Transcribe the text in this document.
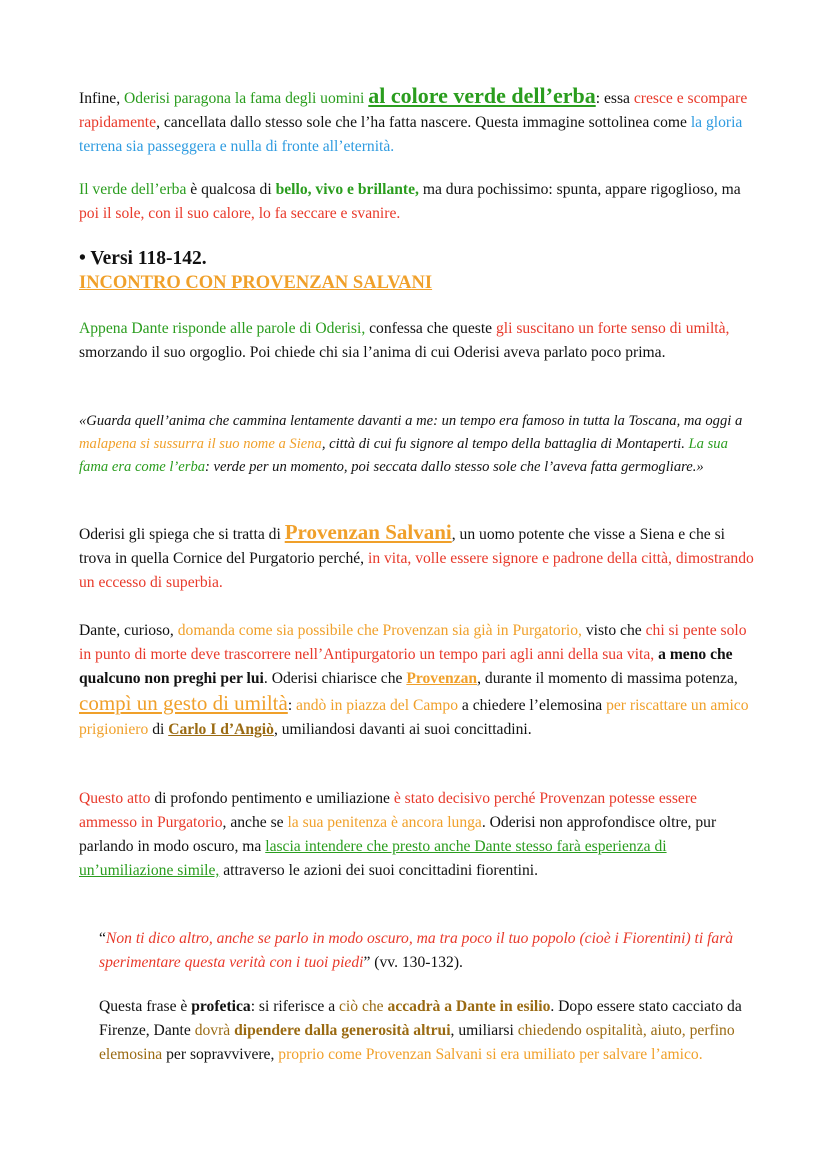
Infine, Oderisi paragona la fama degli uomini al colore verde dell’erba: essa cresce e scompare rapidamente, cancellata dallo stesso sole che l’ha fatta nascere. Questa immagine sottolinea come la gloria terrena sia passeggera e nulla di fronte all’eternità.

Il verde dell’erba è qualcosa di bello, vivo e brillante, ma dura pochissimo: spunta, appare rigoglioso, ma poi il sole, con il suo calore, lo fa seccare e svanire.

• Versi 118-142.

INCONTRO CON PROVENZAN SALVANI

Appena Dante risponde alle parole di Oderisi, confessa che queste gli suscitano un forte senso di umiltà, smorzando il suo orgoglio. Poi chiede chi sia l’anima di cui Oderisi aveva parlato poco prima.

«Guarda quell’anima che cammina lentamente davanti a me: un tempo era famoso in tutta la Toscana, ma oggi a malapena si sussurra il suo nome a Siena, città di cui fu signore al tempo della battaglia di Montaperti. La sua fama era come l’erba: verde per un momento, poi seccata dallo stesso sole che l’aveva fatta germogliare.»

Oderisi gli spiega che si tratta di Provenzan Salvani, un uomo potente che visse a Siena e che si trova in quella Cornice del Purgatorio perché, in vita, volle essere signore e padrone della città, dimostrando un eccesso di superbia.

Dante, curioso, domanda come sia possibile che Provenzan sia già in Purgatorio, visto che chi si pente solo in punto di morte deve trascorrere nell’Antipurgatorio un tempo pari agli anni della sua vita, a meno che qualcuno non preghi per lui. Oderisi chiarisce che Provenzan, durante il momento di massima potenza, compì un gesto di umiltà: andò in piazza del Campo a chiedere l’elemosina per riscattare un amico prigioniero di Carlo I d’Angiò, umiliandosi davanti ai suoi concittadini.

Questo atto di profondo pentimento e umiliazione è stato decisivo perché Provenzan potesse essere ammesso in Purgatorio, anche se la sua penitenza è ancora lunga. Oderisi non approfondisce oltre, pur parlando in modo oscuro, ma lascia intendere che presto anche Dante stesso farà esperienza di un’umiliazione simile, attraverso le azioni dei suoi concittadini fiorentini.

“Non ti dico altro, anche se parlo in modo oscuro, ma tra poco il tuo popolo (cioè i Fiorentini) ti farà sperimentare questa verità con i tuoi piedi” (vv. 130-132).

Questa frase è profetica: si riferisce a ciò che accadrà a Dante in esilio. Dopo essere stato cacciato da Firenze, Dante dovrà dipendere dalla generosità altrui, umiliarsi chiedendo ospitalità, aiuto, perfino elemosina per sopravvivere, proprio come Provenzan Salvani si era umiliato per salvare l’amico.
